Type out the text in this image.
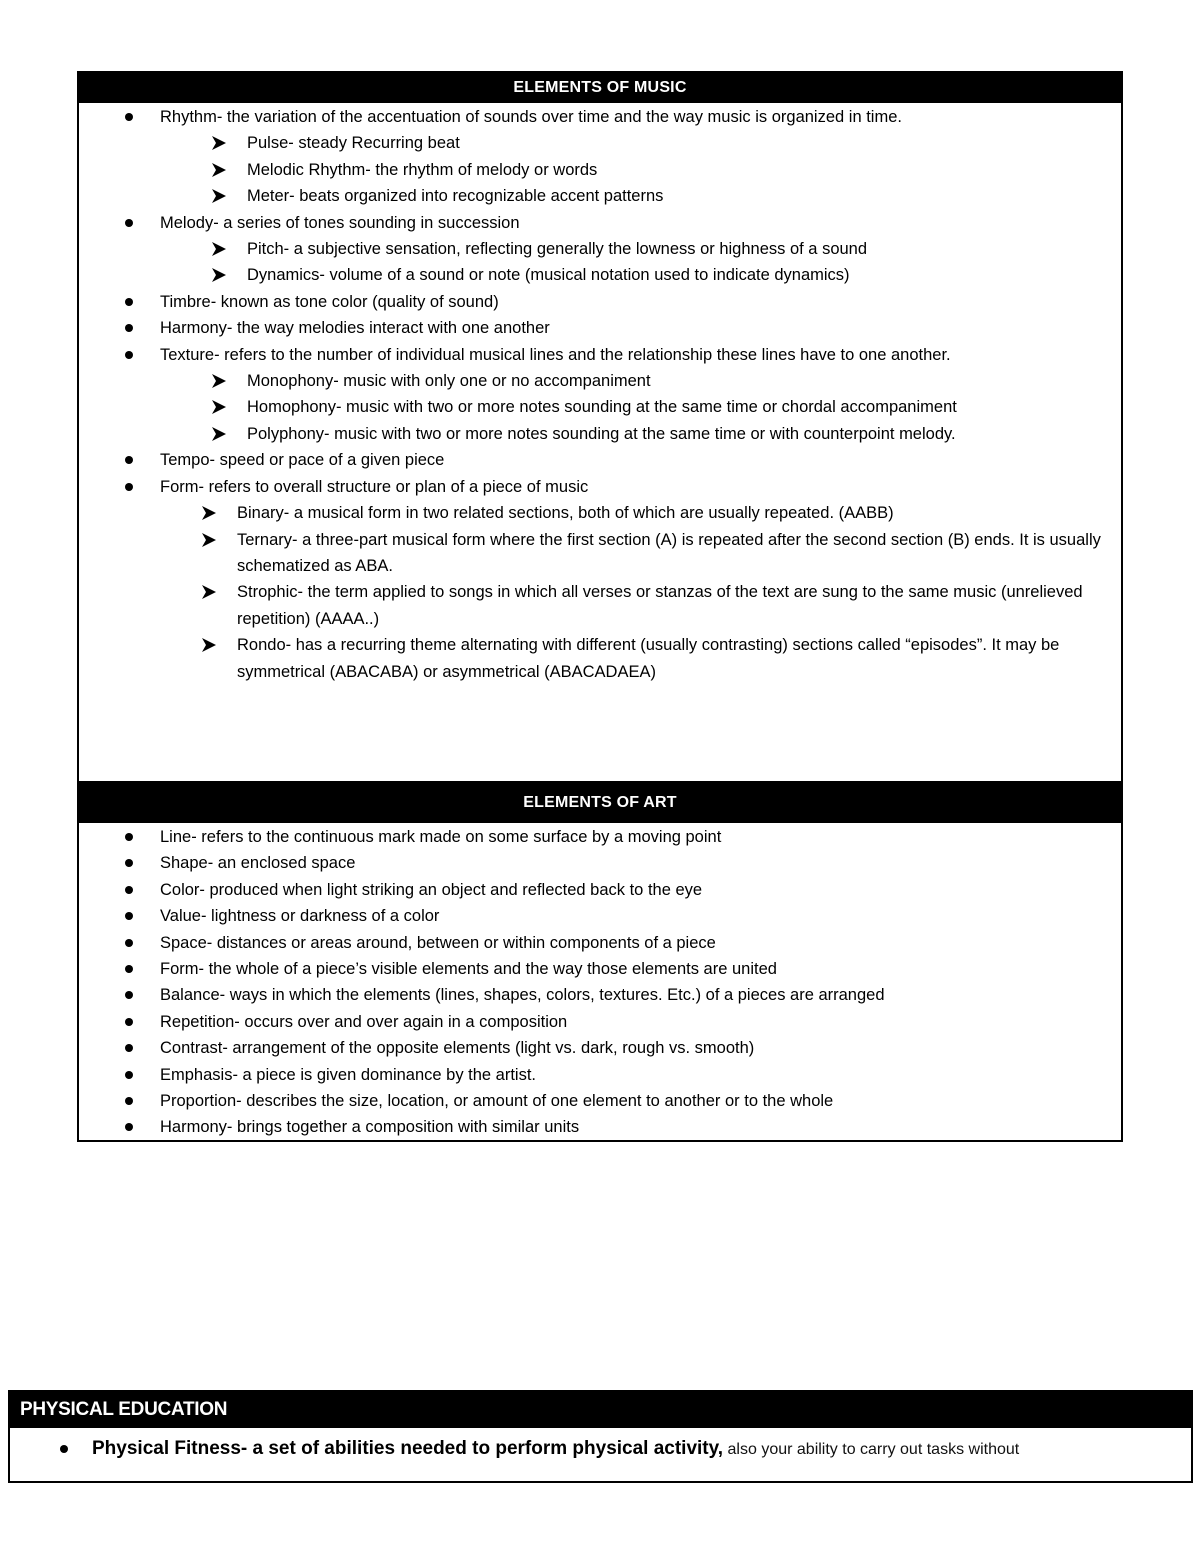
ELEMENTS OF MUSIC
Rhythm- the variation of the accentuation of sounds over time and the way music is organized in time.
Pulse- steady Recurring beat
Melodic Rhythm- the rhythm of melody or words
Meter- beats organized into recognizable accent patterns
Melody- a series of tones sounding in succession
Pitch- a subjective sensation, reflecting generally the lowness or highness of a sound
Dynamics- volume of a sound or note (musical notation used to indicate dynamics)
Timbre- known as tone color (quality of sound)
Harmony- the way melodies interact with one another
Texture- refers to the number of individual musical lines and the relationship these lines have to one another.
Monophony- music with only one or no accompaniment
Homophony- music with two or more notes sounding at the same time or chordal accompaniment
Polyphony- music with two or more notes sounding at the same time or with counterpoint melody.
Tempo- speed or pace of a given piece
Form- refers to overall structure or plan of a piece of music
Binary- a musical form in two related sections, both of which are usually repeated. (AABB)
Ternary- a three-part musical form where the first section (A) is repeated after the second section (B) ends. It is usually schematized as ABA.
Strophic- the term applied to songs in which all verses or stanzas of the text are sung to the same music (unrelieved repetition) (AAAA..)
Rondo- has a recurring theme alternating with different (usually contrasting) sections called “episodes”. It may be symmetrical (ABACABA) or asymmetrical (ABACADAEA)
ELEMENTS OF ART
Line- refers to the continuous mark made on some surface by a moving point
Shape- an enclosed space
Color- produced when light striking an object and reflected back to the eye
Value- lightness or darkness of a color
Space- distances or areas around, between or within components of a piece
Form- the whole of a piece’s visible elements and the way those elements are united
Balance- ways in which the elements (lines, shapes, colors, textures. Etc.) of a pieces are arranged
Repetition- occurs over and over again in a composition
Contrast- arrangement of the opposite elements (light vs. dark, rough vs. smooth)
Emphasis- a piece is given dominance by the artist.
Proportion- describes the size, location, or amount of one element to another or to the whole
Harmony- brings together a composition with similar units
PHYSICAL EDUCATION
Physical Fitness- a set of abilities needed to perform physical activity, also your ability to carry out tasks without
